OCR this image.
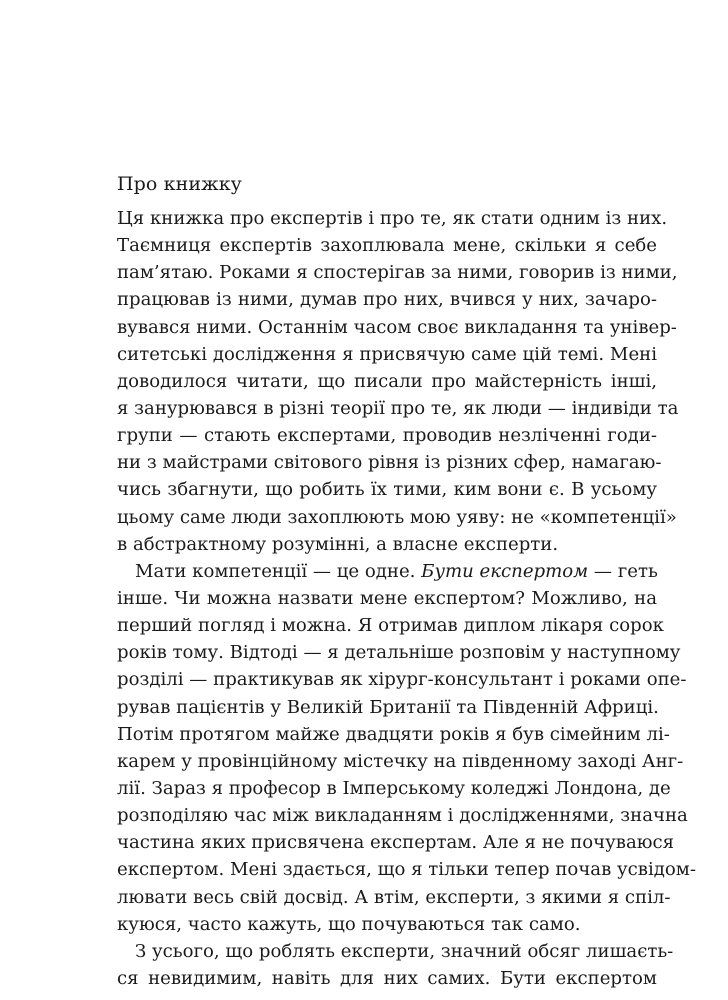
Про книжку
Ця книжка про експертів і про те, як стати одним із них.
Таємниця експертів захоплювала мене, скільки я себе
пам’ятаю. Роками я спостерігав за ними, говорив із ними,
працював із ними, думав про них, вчився у них, зачаро-
вувався ними. Останнім часом своє викладання та універ-
ситетські дослідження я присвячую саме цій темі. Мені
доводилося читати, що писали про майстерність інші,
я занурювався в різні теорії про те, як люди — індивіди та
групи — стають експертами, проводив незліченні годи-
ни з майстрами світового рівня із різних сфер, намагаю-
чись збагнути, що робить їх тими, ким вони є. В усьому
цьому саме люди захоплюють мою уяву: не «компетенції»
в абстрактному розумінні, а власне експерти.
Мати компетенції — це одне. Бути експертом — геть
інше. Чи можна назвати мене експертом? Можливо, на
перший погляд і можна. Я отримав диплом лікаря сорок
років тому. Відтоді — я детальніше розповім у наступному
розділі — практикував як хірург-консультант і роками опе-
рував пацієнтів у Великій Британії та Південній Африці.
Потім протягом майже двадцяти років я був сімейним лі-
карем у провінційному містечку на південному заході Анг-
лії. Зараз я професор в Імперському коледжі Лондона, де
розподіляю час між викладанням і дослідженнями, значна
частина яких присвячена експертам. Але я не почуваюся
експертом. Мені здається, що я тільки тепер почав усвідом-
лювати весь свій досвід. А втім, експерти, з якими я спіл-
куюся, часто кажуть, що почуваються так само.
З усього, що роблять експерти, значний обсяг лишаєть-
ся невидимим, навіть для них самих. Бути експертом
